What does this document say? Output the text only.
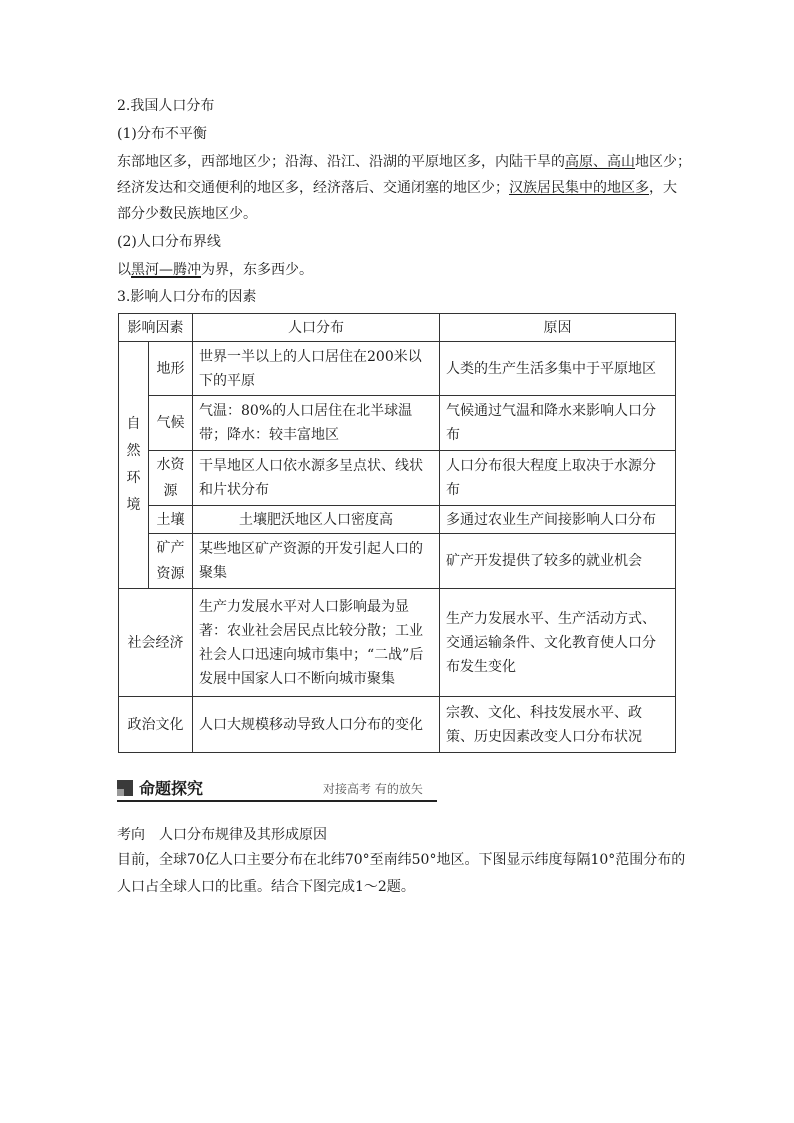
2.我国人口分布
(1)分布不平衡
东部地区多，西部地区少；沿海、沿江、沿湖的平原地区多，内陆干旱的高原、高山地区少；
经济发达和交通便利的地区多，经济落后、交通闭塞的地区少；汉族居民集中的地区多，大
部分少数民族地区少。
(2)人口分布界线
以黑河—腾冲为界，东多西少。
3.影响人口分布的因素
影响因素		人口分布	原因

自
然
环
境	地形	世界一半以上的人口居住在200米以下的平原	人类的生产生活多集中于平原地区
	气候	气温：80%的人口居住在北半球温带；降水：较丰富地区	气候通过气温和降水来影响人口分布

	水资
源	干旱地区人口依水源多呈点状、线状和片状分布	人口分布很大程度上取决于水源分布
	土壤	土壤肥沃地区人口密度高	多通过农业生产间接影响人口分布

	矿产
资源	某些地区矿产资源的开发引起人口的聚集	矿产开发提供了较多的就业机会
社会经济		生产力发展水平对人口影响最为显著：农业社会居民点比较分散；工业社会人口迅速向城市集中；“二战”后发展中国家人口不断向城市聚集	生产力发展水平、生产活动方式、交通运输条件、文化教育使人口分布发生变化
政治文化		人口大规模移动导致人口分布的变化	宗教、文化、科技发展水平、政策、历史因素改变人口分布状况
命题探究	对接高考 有的放矢
考向　人口分布规律及其形成原因
目前，全球70亿人口主要分布在北纬70°至南纬50°地区。下图显示纬度每隔10°范围分布的
人口占全球人口的比重。结合下图完成1～2题。
